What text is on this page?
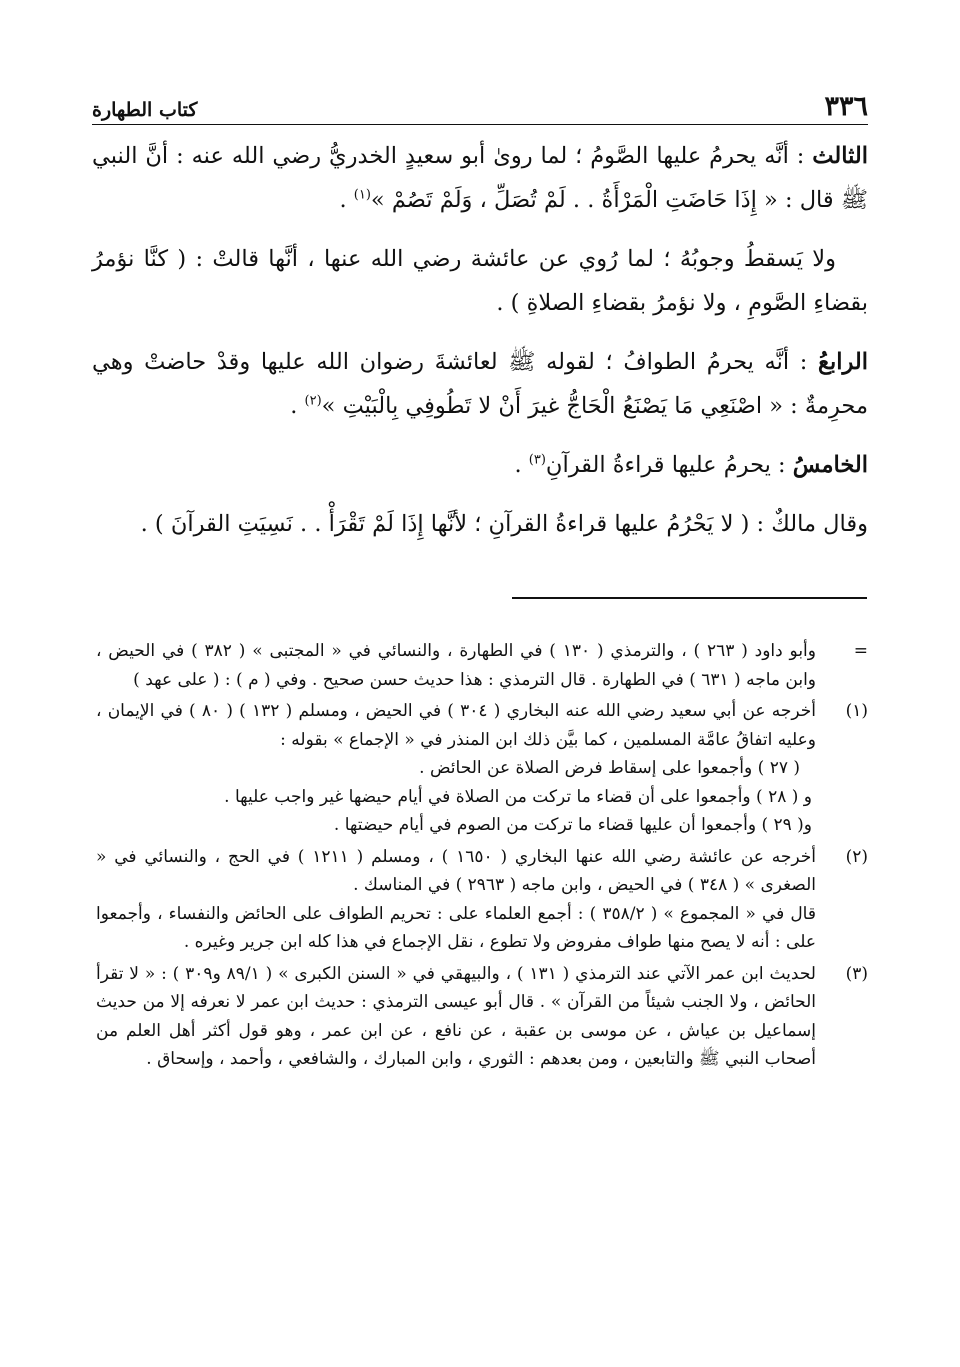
٣٣٦
كتاب الطهارة

الثالث : أنَّه يحرمُ عليها الصَّومُ ؛ لما روىٰ أبو سعيدٍ الخدريُّ رضي الله عنه : أنَّ النبي ﷺ قال : « إِذَا حَاضَتِ الْمَرْأَةُ . . لَمْ تُصَلِّ ، وَلَمْ تَصُمْ »$^{(١)}$ .

ولا يَسقطُ وجوبُهُ ؛ لما رُوي عن عائشة رضي الله عنها ، أنَّها قالتْ : ( كنَّا نؤمرُ بقضاءِ الصَّومِ ، ولا نؤمرُ بقضاءِ الصلاةِ ) .

الرابعُ : أنَّه يحرمُ الطوافُ ؛ لقوله ﷺ لعائشةَ رضوان الله عليها وقدْ حاضتْ وهي محرِمةٌ : « اصْنَعِي مَا يَصْنَعُ الْحَاجُّ غيرَ أَنْ لا تَطُوفِي بِالْبَيْتِ »$^{(٢)}$ .

الخامسُ : يحرمُ عليها قراءةُ القرآنِ$^{(٣)}$ .

وقال مالكٌ : ( لا يَحْرُمُ عليها قراءةُ القرآنِ ؛ لأنَّها إِذَا لَمْ تَقْرَأْ . . نَسِيَتِ القرآنَ ) .

=

وأبو داود ( ٢٦٣ ) ، والترمذي ( ١٣٠ ) في الطهارة ، والنسائي في « المجتبى » ( ٣٨٢ ) في الحيض ، وابن ماجه ( ٦٣١ ) في الطهارة . قال الترمذي : هذا حديث حسن صحيح . وفي ( م ) : ( على عهد )

(١)

أخرجه عن أبي سعيد رضي الله عنه البخاري ( ٣٠٤ ) في الحيض ، ومسلم ( ١٣٢ ) ( ٨٠ ) في الإيمان ، وعليه اتفاقُ عامَّة المسلمين ، كما بيَّن ذلك ابن المنذر في « الإجماع » بقوله :

( ٢٧ ) وأجمعوا على إسقاط فرض الصلاة عن الحائض .

و ( ٢٨ ) وأجمعوا على أن قضاء ما تركت من الصلاة في أيام حيضها غير واجب عليها .

و( ٢٩ ) وأجمعوا أن عليها قضاء ما تركت من الصوم في أيام حيضتها .

(٢)

أخرجه عن عائشة رضي الله عنها البخاري ( ١٦٥٠ ) ، ومسلم ( ١٢١١ ) في الحج ، والنسائي في « الصغرى » ( ٣٤٨ ) في الحيض ، وابن ماجه ( ٢٩٦٣ ) في المناسك .

قال في « المجموع » ( ٣٥٨/٢ ) : أجمع العلماء على : تحريم الطواف على الحائض والنفساء ، وأجمعوا على : أنه لا يصح منها طواف مفروض ولا تطوع ، نقل الإجماع في هذا كله ابن جرير وغيره .

(٣)

لحديث ابن عمر الآتي عند الترمذي ( ١٣١ ) ، والبيهقي في « السنن الكبرى » ( ٨٩/١ و٣٠٩ ) : « لا تقرأ الحائض ، ولا الجنب شيئاً من القرآن » . قال أبو عيسى الترمذي : حديث ابن عمر لا نعرفه إلا من حديث إسماعيل بن عياش ، عن موسى بن عقبة ، عن نافع ، عن ابن عمر ، وهو قول أكثر أهل العلم من أصحاب النبي ﷺ والتابعين ، ومن بعدهم : الثوري ، وابن المبارك ، والشافعي ، وأحمد ، وإسحاق .
